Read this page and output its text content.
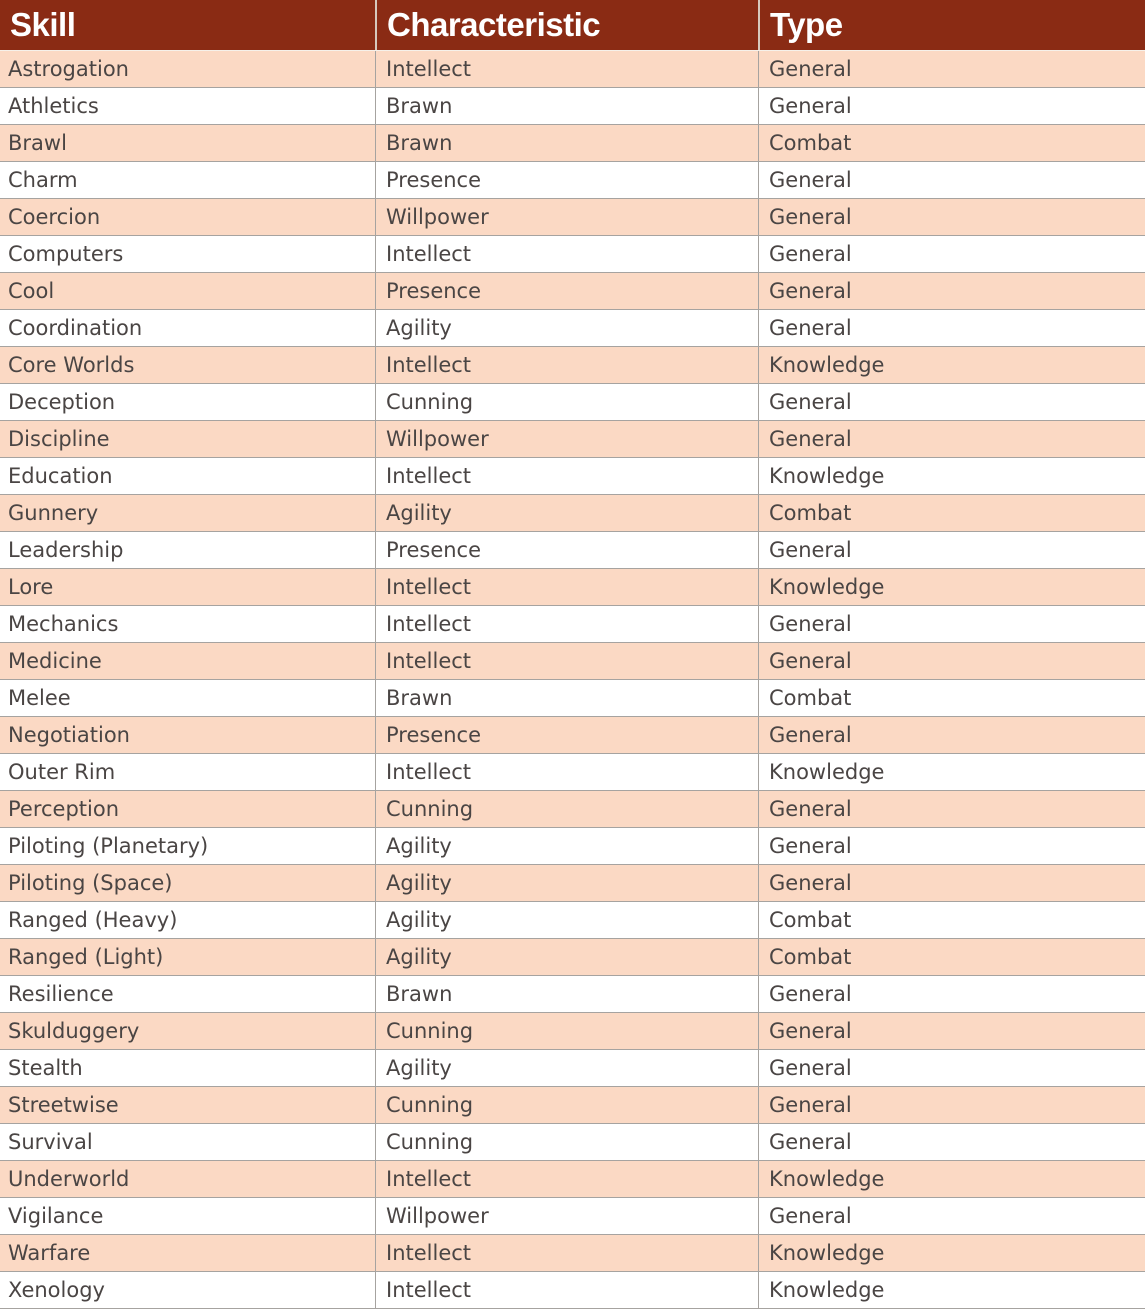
Skill	Characteristic	Type
Astrogation	Intellect	General
Athletics	Brawn	General
Brawl	Brawn	Combat
Charm	Presence	General
Coercion	Willpower	General
Computers	Intellect	General
Cool	Presence	General
Coordination	Agility	General
Core Worlds	Intellect	Knowledge
Deception	Cunning	General
Discipline	Willpower	General
Education	Intellect	Knowledge
Gunnery	Agility	Combat
Leadership	Presence	General
Lore	Intellect	Knowledge
Mechanics	Intellect	General
Medicine	Intellect	General
Melee	Brawn	Combat
Negotiation	Presence	General
Outer Rim	Intellect	Knowledge
Perception	Cunning	General
Piloting (Planetary)	Agility	General
Piloting (Space)	Agility	General
Ranged (Heavy)	Agility	Combat
Ranged (Light)	Agility	Combat
Resilience	Brawn	General
Skulduggery	Cunning	General
Stealth	Agility	General
Streetwise	Cunning	General
Survival	Cunning	General
Underworld	Intellect	Knowledge
Vigilance	Willpower	General
Warfare	Intellect	Knowledge
Xenology	Intellect	Knowledge
